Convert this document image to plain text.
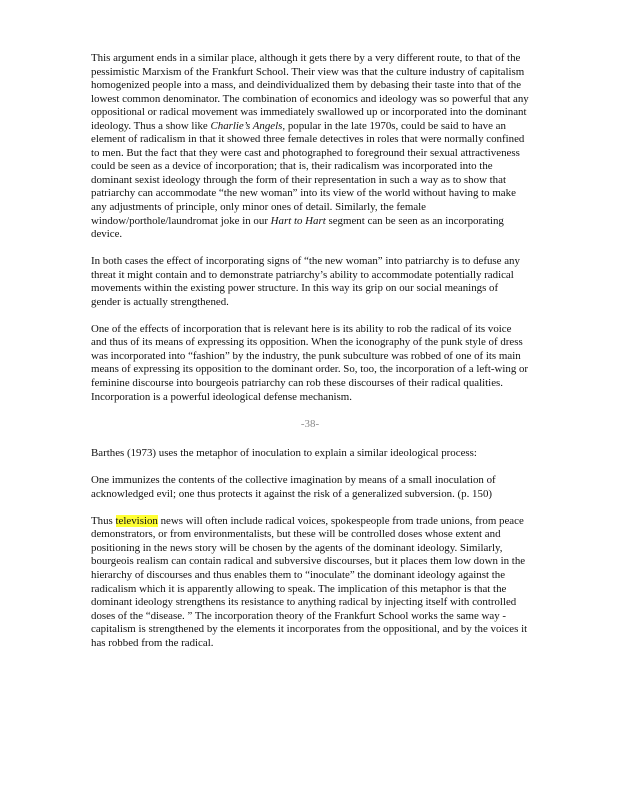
This argument ends in a similar place, although it gets there by a very different route, to that of the pessimistic Marxism of the Frankfurt School. Their view was that the culture industry of capitalism homogenized people into a mass, and deindividualized them by debasing their taste into that of the lowest common denominator. The combination of economics and ideology was so powerful that any oppositional or radical movement was immediately swallowed up or incorporated into the dominant ideology. Thus a show like Charlie’s Angels, popular in the late 1970s, could be said to have an element of radicalism in that it showed three female detectives in roles that were normally confined to men. But the fact that they were cast and photographed to foreground their sexual attractiveness could be seen as a device of incorporation; that is, their radicalism was incorporated into the dominant sexist ideology through the form of their representation in such a way as to show that patriarchy can accommodate “the new woman” into its view of the world without having to make any adjustments of principle, only minor ones of detail. Similarly, the female window/porthole/laundromat joke in our Hart to Hart segment can be seen as an incorporating device.

In both cases the effect of incorporating signs of “the new woman” into patriarchy is to defuse any threat it might contain and to demonstrate patriarchy’s ability to accommodate potentially radical movements within the existing power structure. In this way its grip on our social meanings of gender is actually strengthened.

One of the effects of incorporation that is relevant here is its ability to rob the radical of its voice and thus of its means of expressing its opposition. When the iconography of the punk style of dress was incorporated into “fashion” by the industry, the punk subculture was robbed of one of its main means of expressing its opposition to the dominant order. So, too, the incorporation of a left-wing or feminine discourse into bourgeois patriarchy can rob these discourses of their radical qualities. Incorporation is a powerful ideological defense mechanism.

-38-

Barthes (1973) uses the metaphor of inoculation to explain a similar ideological process:

One immunizes the contents of the collective imagination by means of a small inoculation of acknowledged evil; one thus protects it against the risk of a generalized subversion. (p. 150)

Thus television news will often include radical voices, spokespeople from trade unions, from peace demonstrators, or from environmentalists, but these will be controlled doses whose extent and positioning in the news story will be chosen by the agents of the dominant ideology. Similarly, bourgeois realism can contain radical and subversive discourses, but it places them low down in the hierarchy of discourses and thus enables them to “inoculate” the dominant ideology against the radicalism which it is apparently allowing to speak. The implication of this metaphor is that the dominant ideology strengthens its resistance to anything radical by injecting itself with controlled doses of the “disease. ” The incorporation theory of the Frankfurt School works the same way - capitalism is strengthened by the elements it incorporates from the oppositional, and by the voices it has robbed from the radical.
